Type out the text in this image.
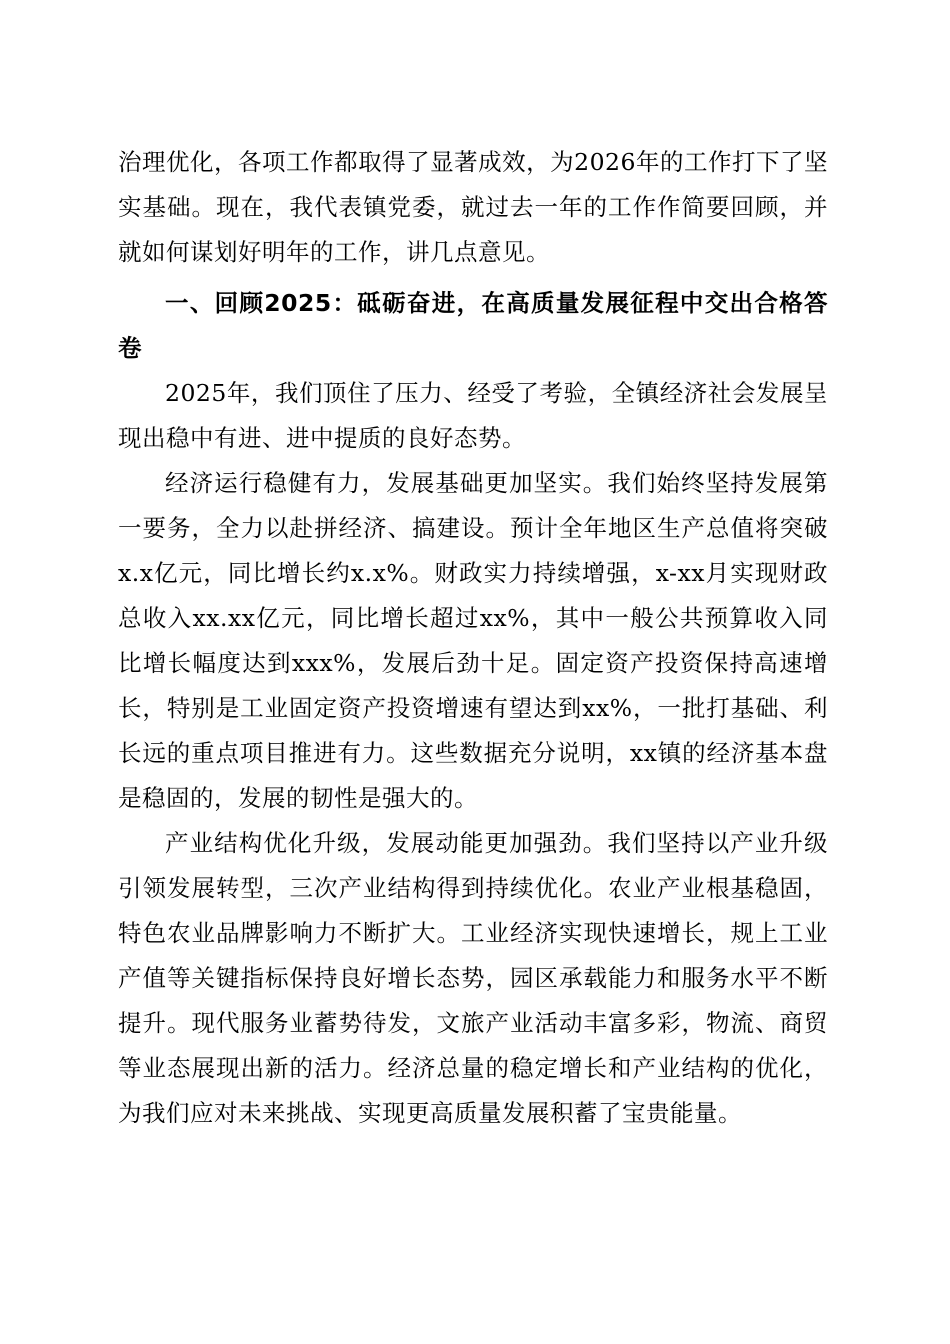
治理优化，各项工作都取得了显著成效，为2026年的工作打下了坚实基础。现在，我代表镇党委，就过去一年的工作作简要回顾，并就如何谋划好明年的工作，讲几点意见。

一、回顾2025：砥砺奋进，在高质量发展征程中交出合格答卷

2025年，我们顶住了压力、经受了考验，全镇经济社会发展呈现出稳中有进、进中提质的良好态势。

经济运行稳健有力，发展基础更加坚实。我们始终坚持发展第一要务，全力以赴拼经济、搞建设。预计全年地区生产总值将突破x.x亿元，同比增长约x.x%。财政实力持续增强，x-xx月实现财政总收入xx.xx亿元，同比增长超过xx%，其中一般公共预算收入同比增长幅度达到xxx%，发展后劲十足。固定资产投资保持高速增长，特别是工业固定资产投资增速有望达到xx%，一批打基础、利长远的重点项目推进有力。这些数据充分说明，xx镇的经济基本盘是稳固的，发展的韧性是强大的。

产业结构优化升级，发展动能更加强劲。我们坚持以产业升级引领发展转型，三次产业结构得到持续优化。农业产业根基稳固，特色农业品牌影响力不断扩大。工业经济实现快速增长，规上工业产值等关键指标保持良好增长态势，园区承载能力和服务水平不断提升。现代服务业蓄势待发，文旅产业活动丰富多彩，物流、商贸等业态展现出新的活力。经济总量的稳定增长和产业结构的优化，为我们应对未来挑战、实现更高质量发展积蓄了宝贵能量。
